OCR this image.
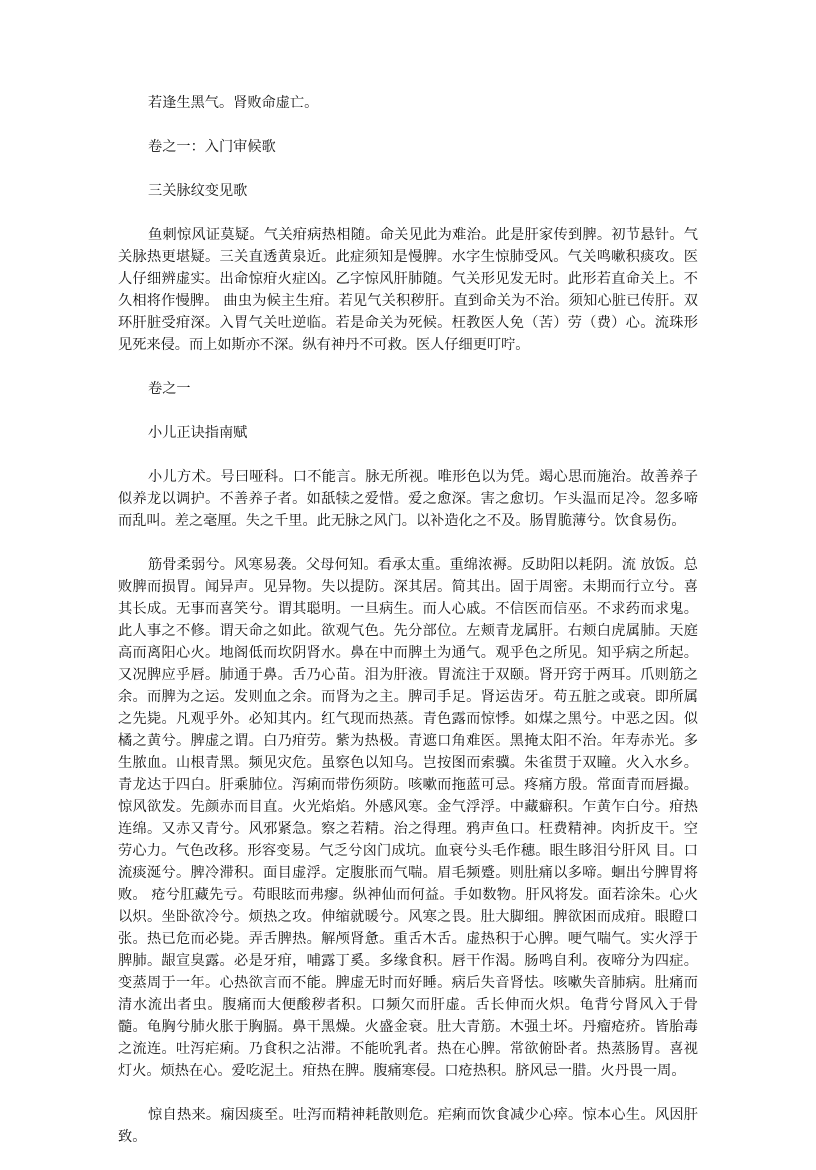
若逢生黑气。肾败命虚亡。

卷之一：入门审候歌

三关脉纹变见歌

鱼刺惊风证莫疑。气关疳病热相随。命关见此为难治。此是肝家传到脾。初节悬针。气关脉热更堪疑。三关直透黄泉近。此症须知是慢脾。水字生惊肺受风。气关鸣嗽积痰攻。医人仔细辨虚实。出命惊疳火症凶。乙字惊风肝肺随。气关形见发无时。此形若直命关上。不久相将作慢脾。 曲虫为候主生疳。若见气关积秽肝。直到命关为不治。须知心脏已传肝。双环肝脏受疳深。入胃气关吐逆临。若是命关为死候。枉教医人免（苦）劳（费）心。流珠形见死来侵。而上如斯亦不深。纵有神丹不可救。医人仔细更叮咛。

卷之一

小儿正诀指南赋

小儿方术。号曰哑科。口不能言。脉无所视。唯形色以为凭。竭心思而施治。故善养子似养龙以调护。不善养子者。如舐犊之爱惜。爱之愈深。害之愈切。乍头温而足冷。忽多啼而乱叫。差之毫厘。失之千里。此无脉之风门。以补造化之不及。肠胃脆薄兮。饮食易伤。

筋骨柔弱兮。风寒易袭。父母何知。看承太重。重绵浓褥。反助阳以耗阴。流 放饭。总败脾而损胃。闻异声。见异物。失以提防。深其居。简其出。固于周密。未期而行立兮。喜其长成。无事而喜笑兮。谓其聪明。一旦病生。而人心戚。不信医而信巫。不求药而求鬼。此人事之不修。谓天命之如此。欲观气色。先分部位。左颊青龙属肝。右颊白虎属肺。天庭高而离阳心火。地阁低而坎阴肾水。鼻在中而脾土为通气。观乎色之所见。知乎病之所起。又况脾应乎唇。肺通于鼻。舌乃心苗。泪为肝液。胃流注于双颐。肾开窍于两耳。爪则筋之余。而脾为之运。发则血之余。而肾为之主。脾司手足。肾运齿牙。苟五脏之或衰。即所属之先毙。凡观乎外。必知其内。红气现而热蒸。青色露而惊悸。如煤之黑兮。中恶之因。似橘之黄兮。脾虚之谓。白乃疳劳。紫为热极。青遮口角难医。黑掩太阳不治。年寿赤光。多生脓血。山根青黑。频见灾危。虽察色以知乌。岂按图而索骥。朱雀贯于双瞳。火入水乡。青龙达于四白。肝乘肺位。泻痢而带伤须防。咳嗽而拖蓝可忌。疼痛方殷。常面青而唇撮。惊风欲发。先颜赤而目直。火光焰焰。外感风寒。金气浮浮。中藏癖积。乍黄乍白兮。疳热连绵。又赤又青兮。风邪紧急。察之若精。治之得理。鸦声鱼口。枉费精神。肉折皮干。空劳心力。气色改移。形容变易。气乏兮囟门成坑。血衰兮头毛作穗。眼生眵泪兮肝风 目。口流痰涎兮。脾冷滞积。面目虚浮。定腹胀而气喘。眉毛频蹙。则肚痛以多啼。蛔出兮脾胃将败。 疮兮肛藏先亏。苟眼眩而弗瘳。纵神仙而何益。手如数物。肝风将发。面若涂朱。心火以炽。坐卧欲冷兮。烦热之攻。伸缩就暖兮。风寒之畏。肚大脚细。脾欲困而成疳。眼瞪口张。热已危而必毙。弄舌脾热。解颅肾惫。重舌木舌。虚热积于心脾。哽气喘气。实火浮于脾肺。龈宣臭露。必是牙疳，哺露丁奚。多缘食积。唇干作渴。肠鸣自利。夜啼分为四症。变蒸周于一年。心热欲言而不能。脾虚无时而好睡。病后失音肾怯。咳嗽失音肺病。肚痛而清水流出者虫。腹痛而大便酸秽者积。口频欠而肝虚。舌长伸而火炽。龟背兮肾风入于骨髓。龟胸兮肺火胀于胸膈。鼻干黑燥。火盛金衰。肚大青筋。木强土坏。丹瘤疮疥。皆胎毒之流连。吐泻疟痢。乃食积之沾滞。不能吮乳者。热在心脾。常欲俯卧者。热蒸肠胃。喜视灯火。烦热在心。爱吃泥土。疳热在脾。腹痛寒侵。口疮热积。脐风忌一腊。火丹畏一周。

惊自热来。痫因痰至。吐泻而精神耗散则危。疟痢而饮食减少心瘁。惊本心生。风因肝致。
